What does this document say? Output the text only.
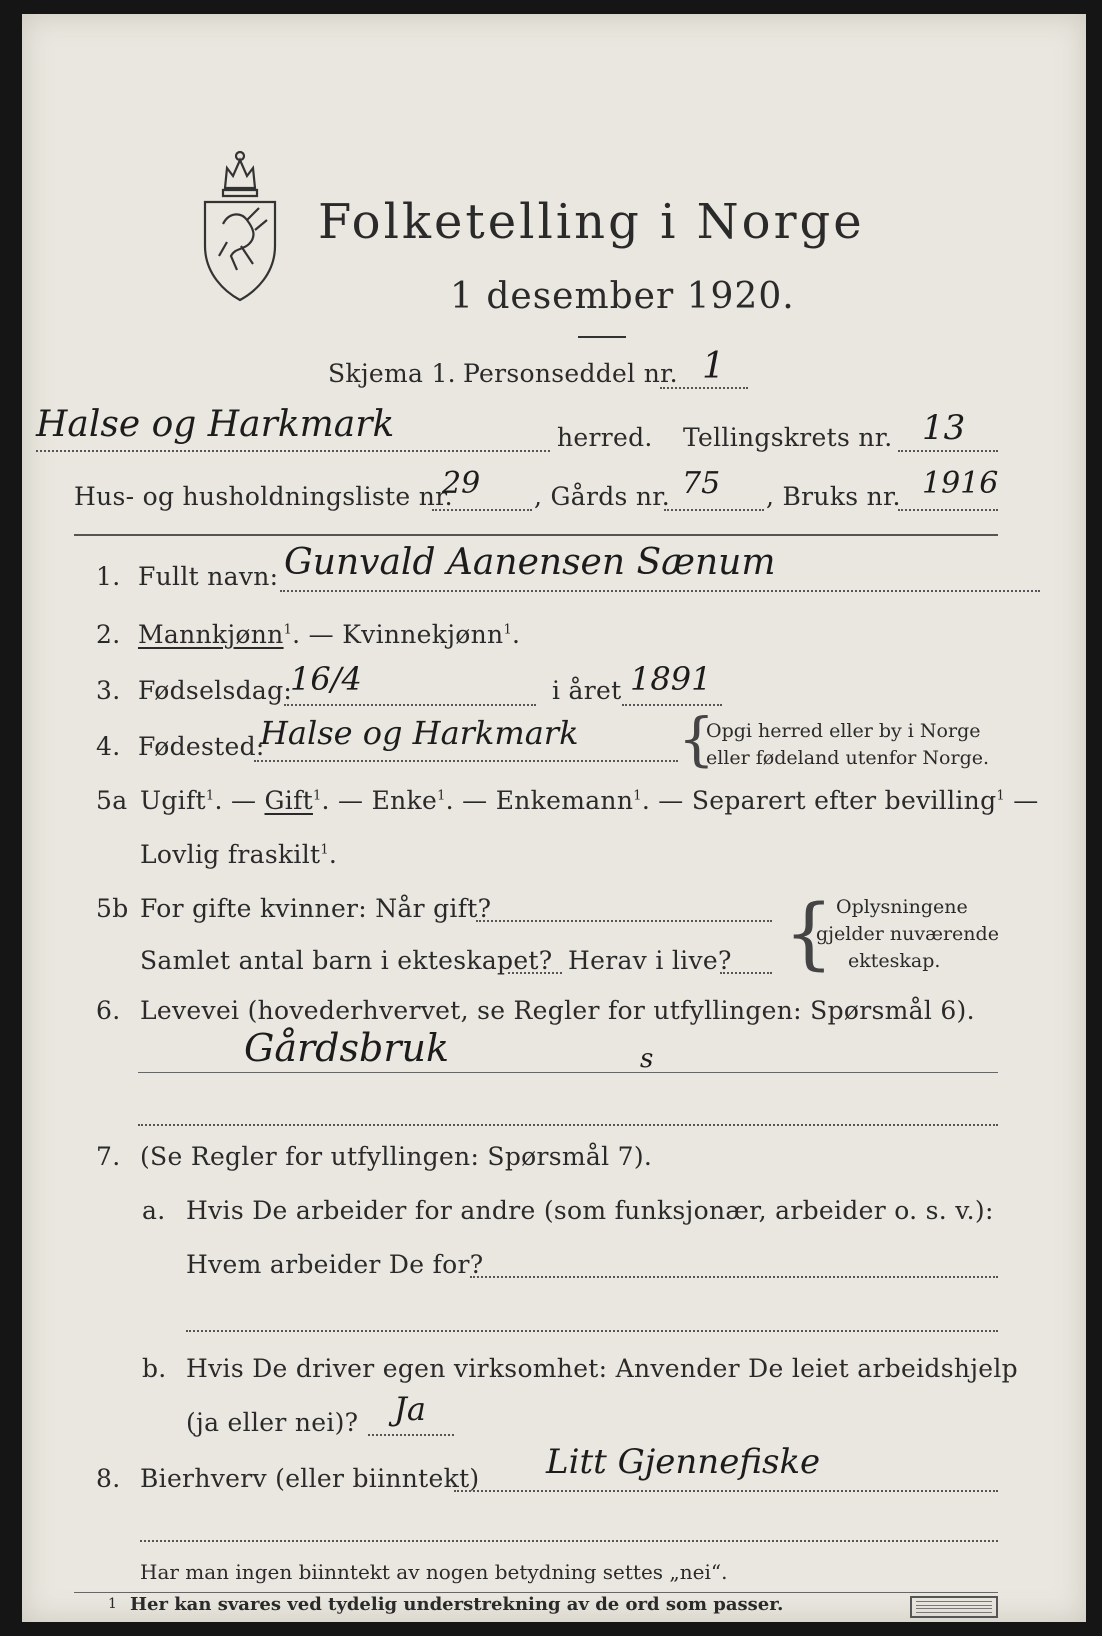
Folketelling i Norge
1 desember 1920.
Skjema 1. Personseddel nr. 1
Halse og Harkmark	herred. Tellingskrets nr. 13
Hus- og husholdningsliste nr.
29 , Gårds nr. 75 , Bruks nr. 1916
1. Fullt navn: Gunvald Aanensen Sænum
2. Mannkjønn$^1$. — Kvinnekjønn$^1$.
3. Fødselsdag:
16/4	i året 1891
4. Fødested:
Halse og Harkmark {
Opgi herred eller by i Norge
eller fødeland utenfor Norge.
5a Ugift$^1$. — Gift$^1$. — Enke$^1$. — Enkemann$^1$. — Separert efter bevilling$^1$ —
Lovlig fraskilt$^1$.
5b For gifte kvinner: Når gift?
Samlet antal barn i ekteskapet? Herav i live? { Oplysningene
gjelder nuværende
ekteskap.
6. Levevei (hovederhvervet, se Regler for utfyllingen: Spørsmål 6).
Gårdsbruk	s
7. (Se Regler for utfyllingen: Spørsmål 7).
a. Hvis De arbeider for andre (som funksjonær, arbeider o. s. v.):
Hvem arbeider De for?
b. Hvis De driver egen virksomhet: Anvender De leiet arbeidshjelp
(ja eller nei)? Ja
8. Bierhverv (eller biinntekt) Litt Gjennefiske
Har man ingen biinntekt av nogen betydning settes „nei“.
1 Her kan svares ved tydelig understrekning av de ord som passer.
